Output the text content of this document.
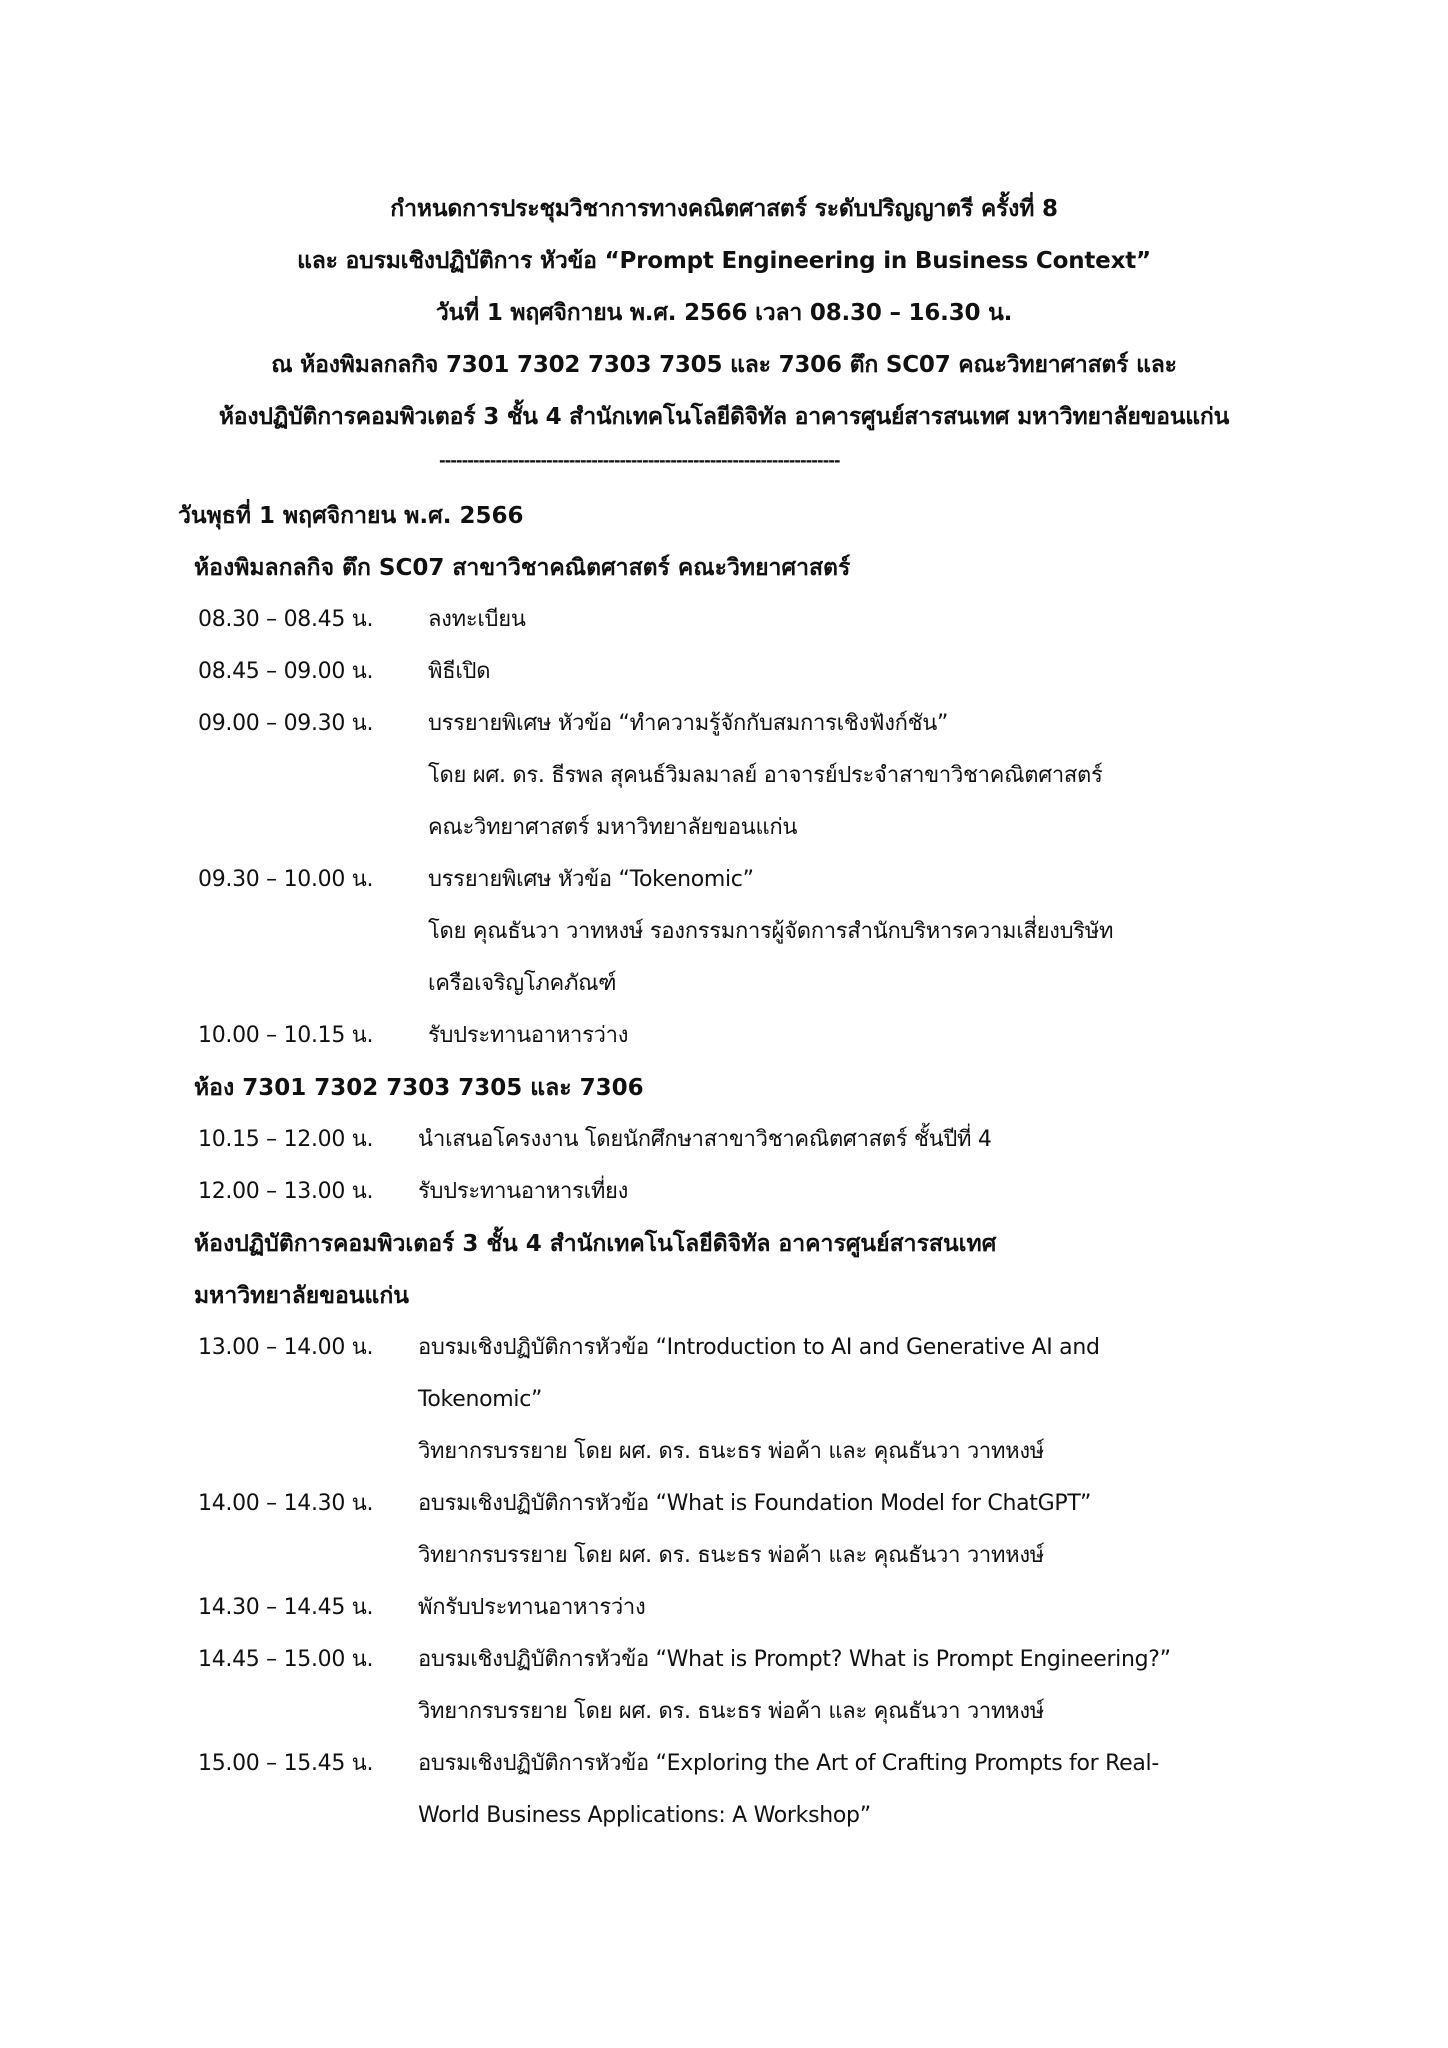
กำหนดการประชุมวิชาการทางคณิตศาสตร์ ระดับปริญญาตรี ครั้งที่ 8
และ อบรมเชิงปฏิบัติการ หัวข้อ “Prompt Engineering in Business Context”
วันที่ 1 พฤศจิกายน พ.ศ. 2566 เวลา 08.30 – 16.30 น.
ณ ห้องพิมลกลกิจ 7301 7302 7303 7305 และ 7306 ตึก SC07 คณะวิทยาศาสตร์ และ
ห้องปฏิบัติการคอมพิวเตอร์ 3 ชั้น 4 สำนักเทคโนโลยีดิจิทัล อาคารศูนย์สารสนเทศ มหาวิทยาลัยขอนแก่น
-----------------------------------------------------------------------
วันพุธที่ 1 พฤศจิกายน พ.ศ. 2566
ห้องพิมลกลกิจ ตึก SC07 สาขาวิชาคณิตศาสตร์ คณะวิทยาศาสตร์
08.30 – 08.45 น.	ลงทะเบียน
08.45 – 09.00 น.	พิธีเปิด
09.00 – 09.30 น.	บรรยายพิเศษ หัวข้อ “ทำความรู้จักกับสมการเชิงฟังก์ชัน”
โดย ผศ. ดร. ธีรพล สุคนธ์วิมลมาลย์ อาจารย์ประจำสาขาวิชาคณิตศาสตร์
คณะวิทยาศาสตร์ มหาวิทยาลัยขอนแก่น
09.30 – 10.00 น.	บรรยายพิเศษ หัวข้อ “Tokenomic”
โดย คุณธันวา วาทหงษ์ รองกรรมการผู้จัดการสำนักบริหารความเสี่ยงบริษัท
เครือเจริญโภคภัณฑ์
10.00 – 10.15 น.	รับประทานอาหารว่าง
ห้อง 7301 7302 7303 7305 และ 7306
10.15 – 12.00 น.	นำเสนอโครงงาน โดยนักศึกษาสาขาวิชาคณิตศาสตร์ ชั้นปีที่ 4
12.00 – 13.00 น.	รับประทานอาหารเที่ยง
ห้องปฏิบัติการคอมพิวเตอร์ 3 ชั้น 4 สำนักเทคโนโลยีดิจิทัล อาคารศูนย์สารสนเทศ
มหาวิทยาลัยขอนแก่น
13.00 – 14.00 น.	อบรมเชิงปฏิบัติการหัวข้อ “Introduction to AI and Generative AI and
Tokenomic”
วิทยากรบรรยาย โดย ผศ. ดร. ธนะธร พ่อค้า และ คุณธันวา วาทหงษ์
14.00 – 14.30 น.	อบรมเชิงปฏิบัติการหัวข้อ “What is Foundation Model for ChatGPT”
วิทยากรบรรยาย โดย ผศ. ดร. ธนะธร พ่อค้า และ คุณธันวา วาทหงษ์
14.30 – 14.45 น.	พักรับประทานอาหารว่าง
14.45 – 15.00 น.	อบรมเชิงปฏิบัติการหัวข้อ “What is Prompt? What is Prompt Engineering?”
วิทยากรบรรยาย โดย ผศ. ดร. ธนะธร พ่อค้า และ คุณธันวา วาทหงษ์
15.00 – 15.45 น.	อบรมเชิงปฏิบัติการหัวข้อ “Exploring the Art of Crafting Prompts for Real-
World Business Applications: A Workshop”
